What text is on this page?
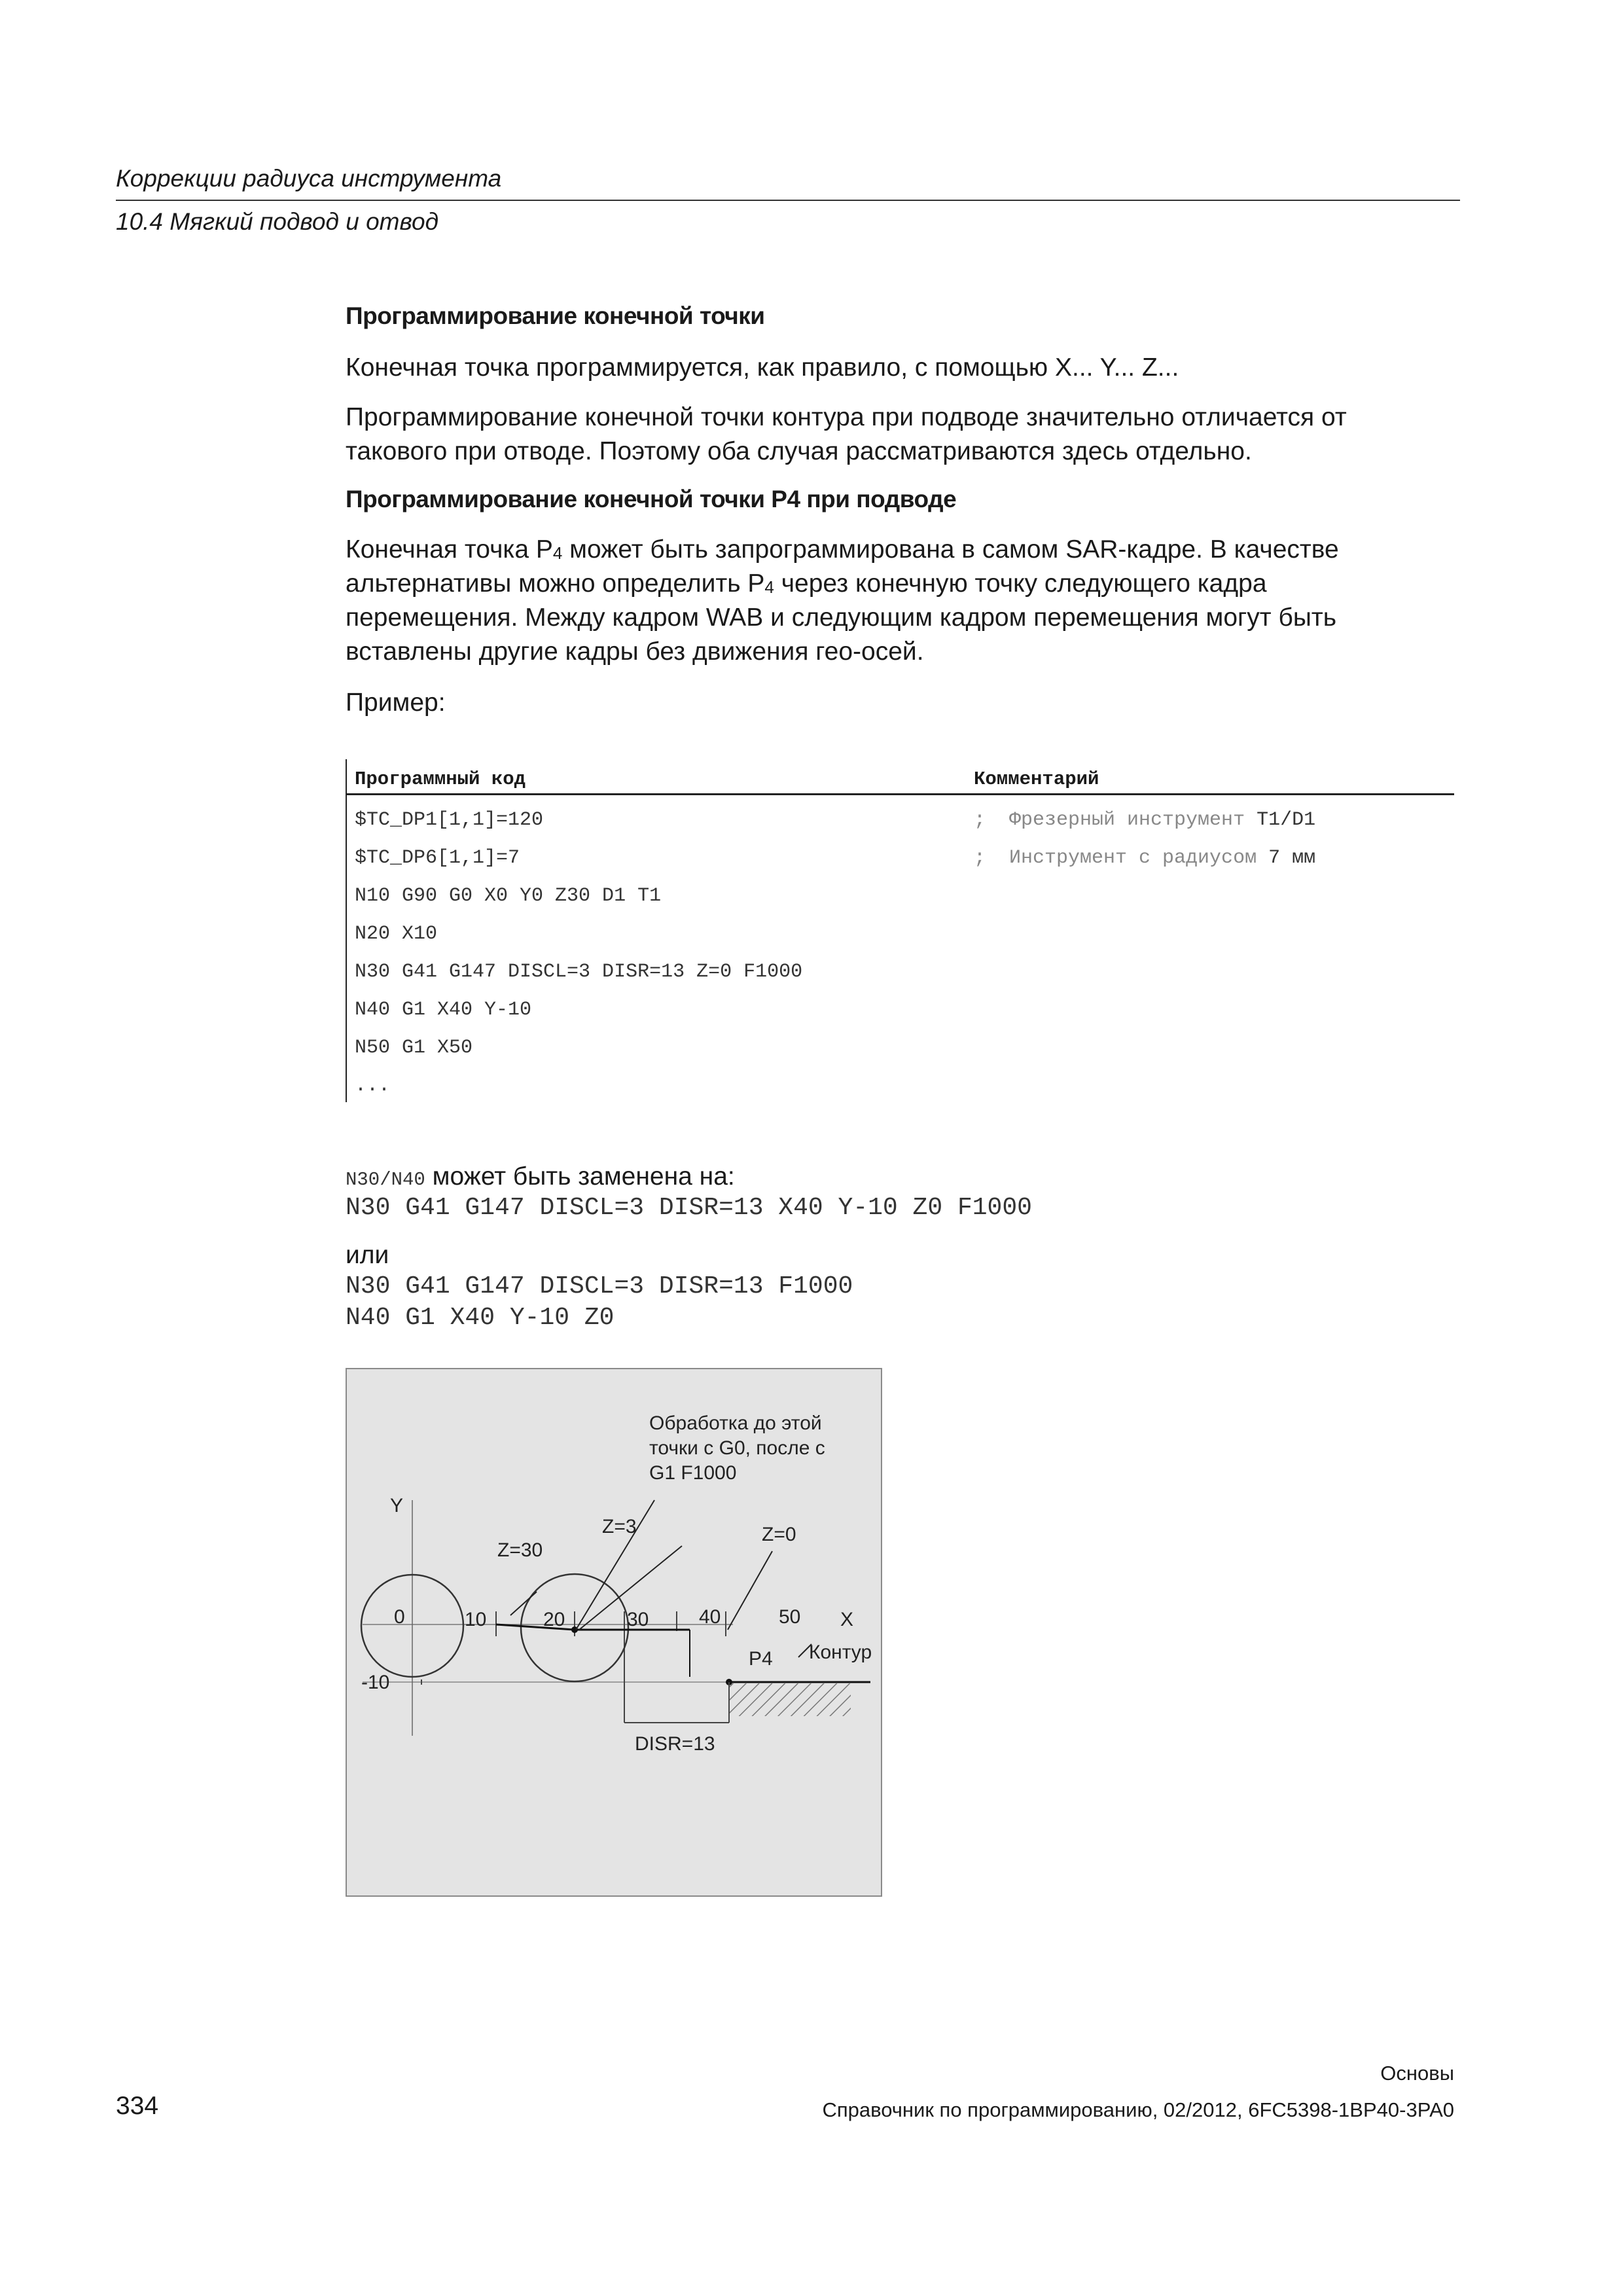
Коррекции радиуса инструмента
10.4 Мягкий подвод и отвод
Программирование конечной точки
Конечная точка программируется, как правило, с помощью X... Y... Z...
Программирование конечной точки контура при подводе значительно отличается от
такового при отводе. Поэтому оба случая рассматриваются здесь отдельно.
Программирование конечной точки P4 при подводе
Конечная точка $P_4$ может быть запрограммирована в самом SAR-кадре. В качестве
альтернативы можно определить $P_4$ через конечную точку следующего кадра
перемещения. Между кадром WAB и следующим кадром перемещения могут быть
вставлены другие кадры без движения гео-осей.
Пример:
Программный код	Комментарий
$TC_DP1[1,1]=120	;  Фрезерный инструмент T1/D1
$TC_DP6[1,1]=7	;  Инструмент с радиусом 7 мм
N10 G90 G0 X0 Y0 Z30 D1 T1
N20 X10
N30 G41 G147 DISCL=3 DISR=13 Z=0 F1000
N40 G1 X40 Y-10
N50 G1 X50
...
N30/N40 может быть заменена на:
N30 G41 G147 DISCL=3 DISR=13 X40 Y-10 Z0 F1000
или
N30 G41 G147 DISCL=3 DISR=13 F1000
N40 G1 X40 Y-10 Z0
Обработка до этой
точки с G0, после с
G1 F1000
Y
Z=3	Z=0
Z=30
0	10	20	30	40	50 X
-10
P4 Контур
DISR=13
Основы
334	Справочник по программированию, 02/2012, 6FC5398-1BP40-3PA0
